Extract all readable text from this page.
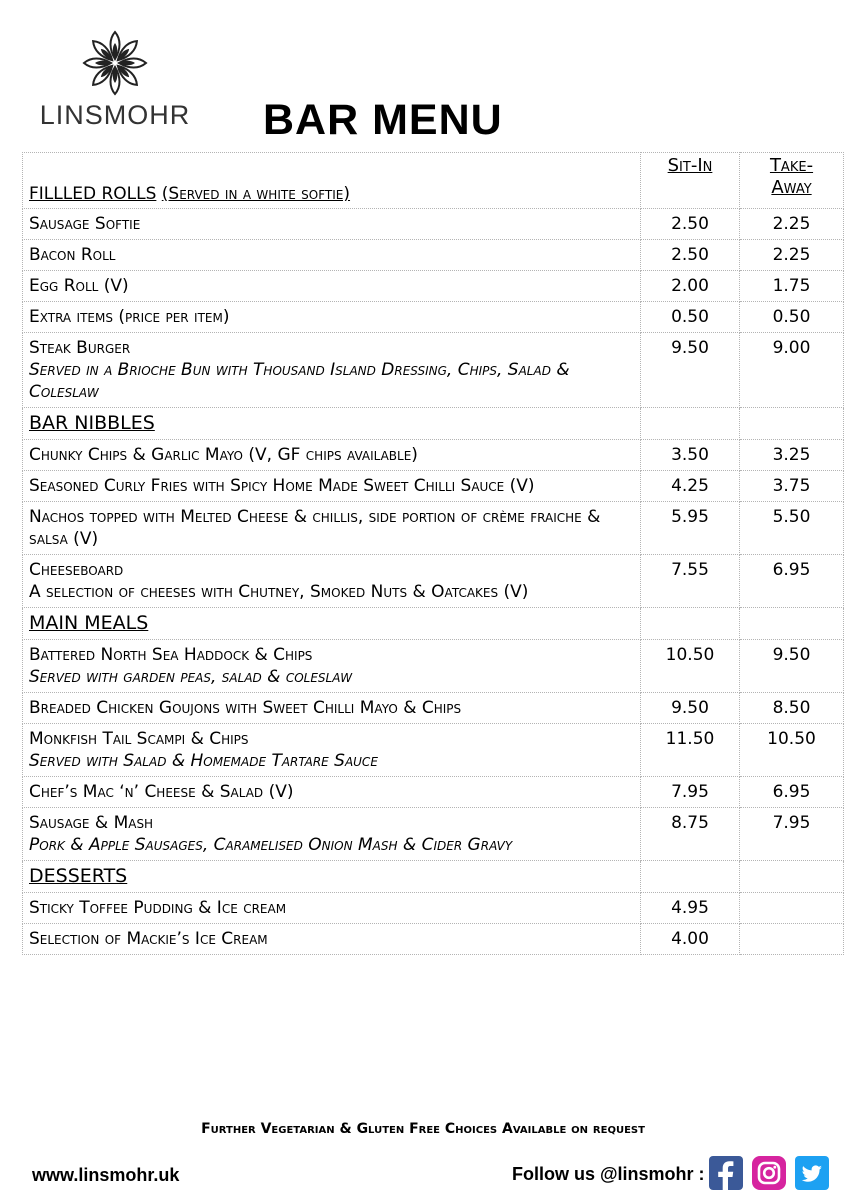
LINSMOHR BAR MENU
FILLLED ROLLS (Served in a white softie)	Sit-In	Take-
Away
Sausage Softie	2.50	2.25
Bacon Roll	2.50	2.25
Egg Roll (V)	2.00	1.75
Extra items (price per item)	0.50	0.50
Steak Burger
Served in a Brioche Bun with Thousand Island Dressing, Chips, Salad & Coleslaw	9.50	9.00
BAR NIBBLES		
Chunky Chips & Garlic Mayo (V, GF chips available)	3.50	3.25
Seasoned Curly Fries with Spicy Home Made Sweet Chilli Sauce (V)	4.25	3.75
Nachos topped with Melted Cheese & chillis, side portion of crème fraiche & salsa (V)	5.95	5.50
Cheeseboard
A selection of cheeses with Chutney, Smoked Nuts & Oatcakes (V)	7.55	6.95
MAIN MEALS		
Battered North Sea Haddock & Chips
Served with garden peas, salad & coleslaw	10.50	9.50
Breaded Chicken Goujons with Sweet Chilli Mayo & Chips	9.50	8.50
Monkfish Tail Scampi & Chips
Served with Salad & Homemade Tartare Sauce	11.50	10.50
Chef’s Mac ‘n’ Cheese & Salad (V)	7.95	6.95
Sausage & Mash
Pork & Apple Sausages, Caramelised Onion Mash & Cider Gravy	8.75	7.95
DESSERTS		
Sticky Toffee Pudding & Ice cream	4.95	
Selection of Mackie’s Ice Cream	4.00	
Further Vegetarian & Gluten Free Choices Available on request
www.linsmohr.uk	Follow us @linsmohr :
